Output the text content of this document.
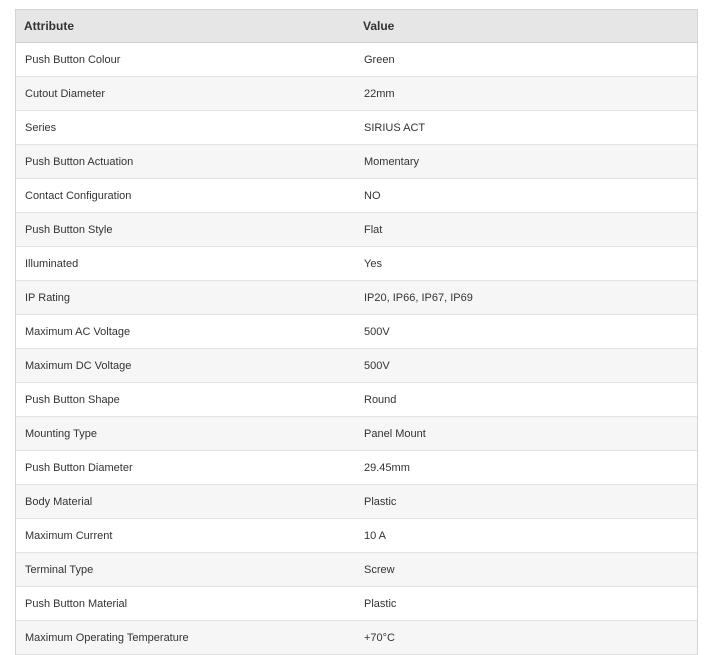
Attribute	Value
Push Button Colour	Green
Cutout Diameter	22mm
Series	SIRIUS ACT
Push Button Actuation	Momentary
Contact Configuration	NO
Push Button Style	Flat
Illuminated	Yes
IP Rating	IP20, IP66, IP67, IP69
Maximum AC Voltage	500V
Maximum DC Voltage	500V
Push Button Shape	Round
Mounting Type	Panel Mount
Push Button Diameter	29.45mm
Body Material	Plastic
Maximum Current	10 A
Terminal Type	Screw
Push Button Material	Plastic
Maximum Operating Temperature	+70°C
